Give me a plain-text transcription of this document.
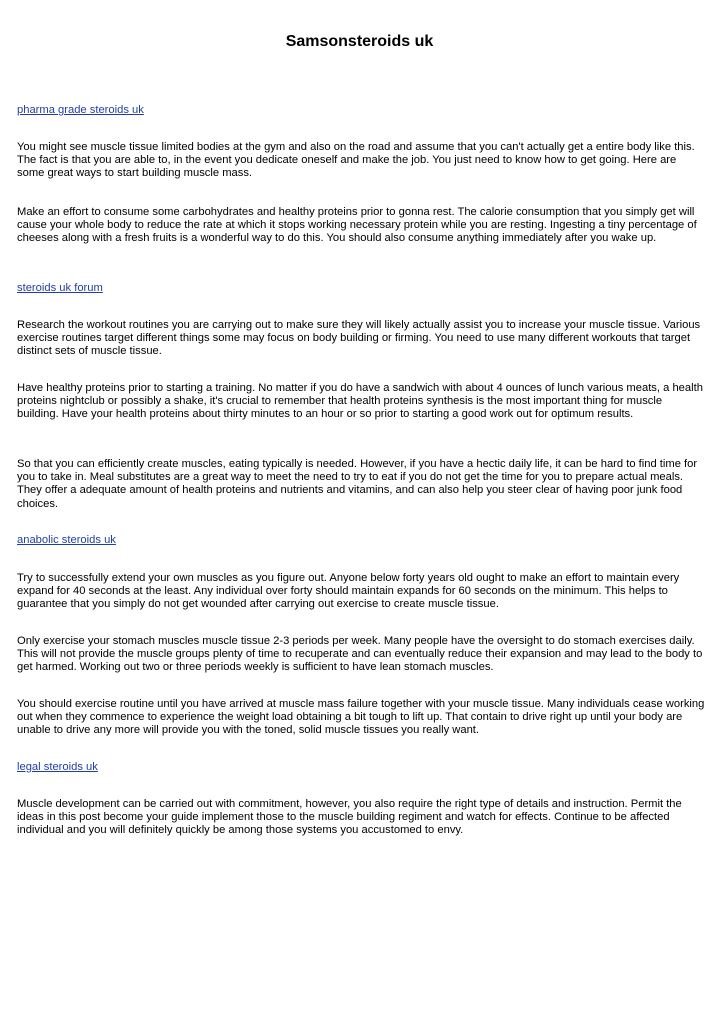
Samsonsteroids uk

pharma grade steroids uk

You might see muscle tissue limited bodies at the gym and also on the road and assume that you can't actually get a entire body like this. The fact is that you are able to, in the event you dedicate oneself and make the job. You just need to know how to get going. Here are some great ways to start building muscle mass.

Make an effort to consume some carbohydrates and healthy proteins prior to gonna rest. The calorie consumption that you simply get will cause your whole body to reduce the rate at which it stops working necessary protein while you are resting. Ingesting a tiny percentage of cheeses along with a fresh fruits is a wonderful way to do this. You should also consume anything immediately after you wake up.

steroids uk forum

Research the workout routines you are carrying out to make sure they will likely actually assist you to increase your muscle tissue. Various exercise routines target different things some may focus on body building or firming. You need to use many different workouts that target distinct sets of muscle tissue.

Have healthy proteins prior to starting a training. No matter if you do have a sandwich with about 4 ounces of lunch various meats, a health proteins nightclub or possibly a shake, it's crucial to remember that health proteins synthesis is the most important thing for muscle building. Have your health proteins about thirty minutes to an hour or so prior to starting a good work out for optimum results.

So that you can efficiently create muscles, eating typically is needed. However, if you have a hectic daily life, it can be hard to find time for you to take in. Meal substitutes are a great way to meet the need to try to eat if you do not get the time for you to prepare actual meals. They offer a adequate amount of health proteins and nutrients and vitamins, and can also help you steer clear of having poor junk food choices.

anabolic steroids uk

Try to successfully extend your own muscles as you figure out. Anyone below forty years old ought to make an effort to maintain every expand for 40 seconds at the least. Any individual over forty should maintain expands for 60 seconds on the minimum. This helps to guarantee that you simply do not get wounded after carrying out exercise to create muscle tissue.

Only exercise your stomach muscles muscle tissue 2-3 periods per week. Many people have the oversight to do stomach exercises daily. This will not provide the muscle groups plenty of time to recuperate and can eventually reduce their expansion and may lead to the body to get harmed. Working out two or three periods weekly is sufficient to have lean stomach muscles.

You should exercise routine until you have arrived at muscle mass failure together with your muscle tissue. Many individuals cease working out when they commence to experience the weight load obtaining a bit tough to lift up. That contain to drive right up until your body are unable to drive any more will provide you with the toned, solid muscle tissues you really want.

legal steroids uk

Muscle development can be carried out with commitment, however, you also require the right type of details and instruction. Permit the ideas in this post become your guide implement those to the muscle building regiment and watch for effects. Continue to be affected individual and you will definitely quickly be among those systems you accustomed to envy.
